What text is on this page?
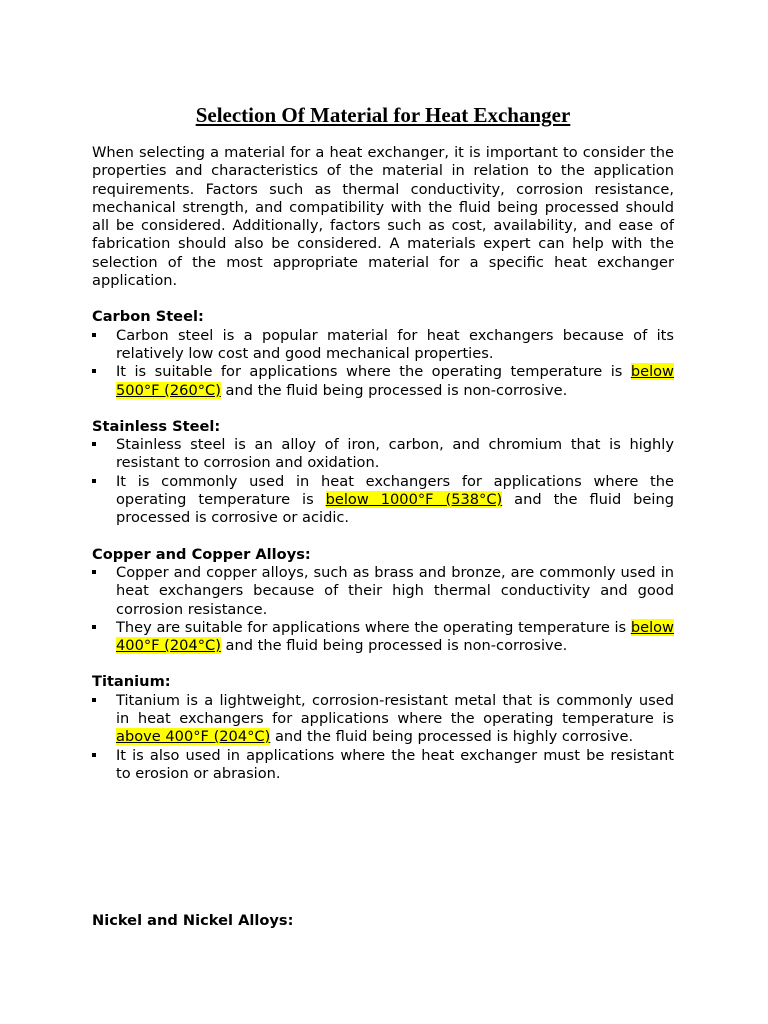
Selection Of Material for Heat Exchanger

When selecting a material for a heat exchanger, it is important to consider the properties and characteristics of the material in relation to the application requirements. Factors such as thermal conductivity, corrosion resistance, mechanical strength, and compatibility with the fluid being processed should all be considered. Additionally, factors such as cost, availability, and ease of fabrication should also be considered. A materials expert can help with the selection of the most appropriate material for a specific heat exchanger application.

Carbon Steel:

Carbon steel is a popular material for heat exchangers because of its relatively low cost and good mechanical properties.
It is suitable for applications where the operating temperature is below 500°F (260°C) and the fluid being processed is non-corrosive.

Stainless Steel:

Stainless steel is an alloy of iron, carbon, and chromium that is highly resistant to corrosion and oxidation.
It is commonly used in heat exchangers for applications where the operating temperature is below 1000°F (538°C) and the fluid being processed is corrosive or acidic.

Copper and Copper Alloys:

Copper and copper alloys, such as brass and bronze, are commonly used in heat exchangers because of their high thermal conductivity and good corrosion resistance.
They are suitable for applications where the operating temperature is below 400°F (204°C) and the fluid being processed is non-corrosive.

Titanium:

Titanium is a lightweight, corrosion-resistant metal that is commonly used in heat exchangers for applications where the operating temperature is above 400°F (204°C) and the fluid being processed is highly corrosive.
It is also used in applications where the heat exchanger must be resistant to erosion or abrasion.

Nickel and Nickel Alloys:
